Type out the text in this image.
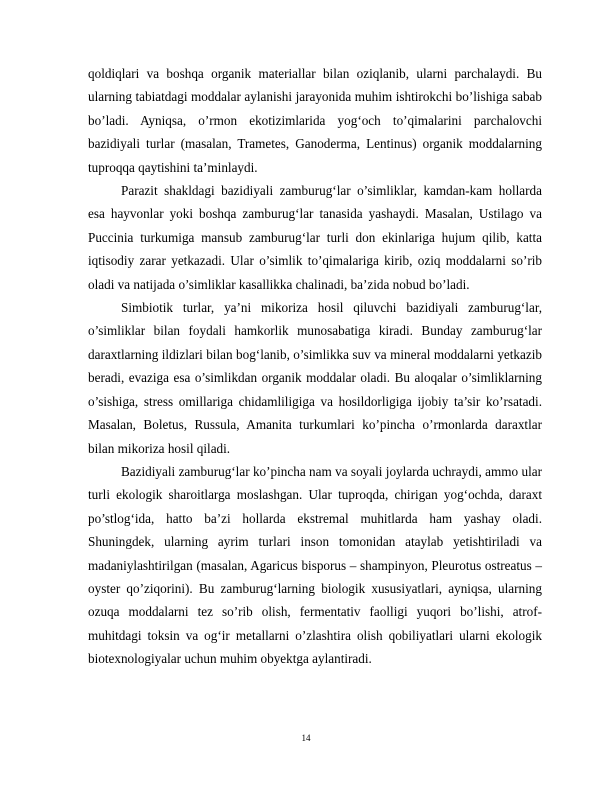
qoldiqlari va boshqa organik materiallar bilan oziqlanib, ularni parchalaydi. Bu ularning tabiatdagi moddalar aylanishi jarayonida muhim ishtirokchi bo’lishiga sabab bo’ladi. Ayniqsa, o’rmon ekotizimlarida yog‘och to’qimalarini parchalovchi bazidiyali turlar (masalan, Trametes, Ganoderma, Lentinus) organik moddalarning tuproqqa qaytishini ta’minlaydi.

Parazit shakldagi bazidiyali zamburug‘lar o’simliklar, kamdan-kam hollarda esa hayvonlar yoki boshqa zamburug‘lar tanasida yashaydi. Masalan, Ustilago va Puccinia turkumiga mansub zamburug‘lar turli don ekinlariga hujum qilib, katta iqtisodiy zarar yetkazadi. Ular o’simlik to’qimalariga kirib, oziq moddalarni so’rib oladi va natijada o’simliklar kasallikka chalinadi, ba’zida nobud bo’ladi.

Simbiotik turlar, ya’ni mikoriza hosil qiluvchi bazidiyali zamburug‘lar, o’simliklar bilan foydali hamkorlik munosabatiga kiradi. Bunday zamburug‘lar daraxtlarning ildizlari bilan bog‘lanib, o’simlikka suv va mineral moddalarni yetkazib beradi, evaziga esa o’simlikdan organik moddalar oladi. Bu aloqalar o’simliklarning o’sishiga, stress omillariga chidamliligiga va hosildorligiga ijobiy ta’sir ko’rsatadi. Masalan, Boletus, Russula, Amanita turkumlari ko’pincha o’rmonlarda daraxtlar bilan mikoriza hosil qiladi.

Bazidiyali zamburug‘lar ko’pincha nam va soyali joylarda uchraydi, ammo ular turli ekologik sharoitlarga moslashgan. Ular tuproqda, chirigan yog‘ochda, daraxt po’stlog‘ida, hatto ba’zi hollarda ekstremal muhitlarda ham yashay oladi. Shuningdek, ularning ayrim turlari inson tomonidan ataylab yetishtiriladi va madaniylashtirilgan (masalan, Agaricus bisporus – shampinyon, Pleurotus ostreatus – oyster qo’ziqorini). Bu zamburug‘larning biologik xususiyatlari, ayniqsa, ularning ozuqa moddalarni tez so’rib olish, fermentativ faolligi yuqori bo’lishi, atrof-muhitdagi toksin va og‘ir metallarni o’zlashtira olish qobiliyatlari ularni ekologik biotexnologiyalar uchun muhim obyektga aylantiradi.

14
